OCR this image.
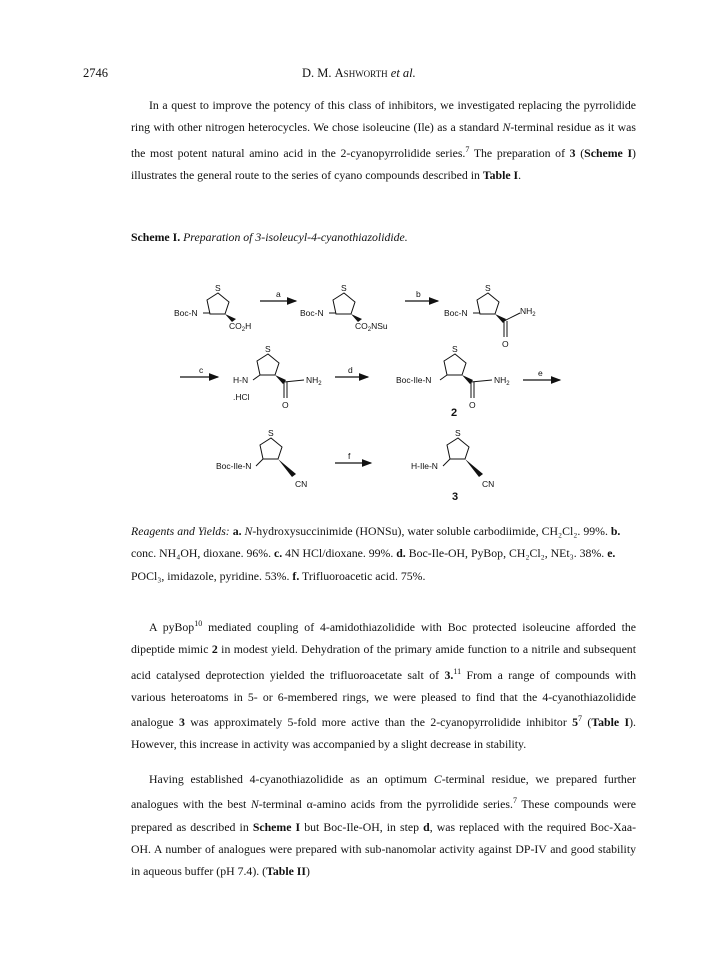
2746	D. M. Ashworth et al.
In a quest to improve the potency of this class of inhibitors, we investigated replacing the pyrrolidide ring with other nitrogen heterocycles. We chose isoleucine (Ile) as a standard N-terminal residue as it was the most potent natural amino acid in the 2-cyanopyrrolidide series.$^7$ The preparation of 3 (Scheme I) illustrates the general route to the series of cyano compounds described in Table I.
Scheme I. Preparation of 3-isoleucyl-4-cyanothiazolidide.
a	b
c	d	e
f
S
Boc-N
$CO_2H$
S
Boc-N
$CO_2NSu$
S
Boc-N	$NH_2$
O
S
H-N
.HCl
$NH_2$
O
S
Boc-Ile-N	$NH_2$
O
S
Boc-Ile-N
CN
S
H-Ile-N
CN
2
3
Reagents and Yields: a. N-hydroxysuccinimide (HONSu), water soluble carbodiimide, CH₂Cl₂. 99%. b. conc. NH₄OH, dioxane. 96%. c. 4N HCl/dioxane. 99%. d. Boc-Ile-OH, PyBop, CH₂Cl₂, NEt₃. 38%. e. POCl₃, imidazole, pyridine. 53%. f. Trifluoroacetic acid. 75%.
A pyBop$^{10}$ mediated coupling of 4-amidothiazolidide with Boc protected isoleucine afforded the dipeptide mimic 2 in modest yield. Dehydration of the primary amide function to a nitrile and subsequent acid catalysed deprotection yielded the trifluoroacetate salt of 3.11 From a range of compounds with various heteroatoms in 5- or 6-membered rings, we were pleased to find that the 4-cyanothiazolidide analogue 3 was approximately 5-fold more active than the 2-cyanopyrrolidide inhibitor $5^7$ (Table I). However, this increase in activity was accompanied by a slight decrease in stability.
Having established 4-cyanothiazolidide as an optimum C-terminal residue, we prepared further analogues with the best N-terminal α-amino acids from the pyrrolidide series.$^7$ These compounds were prepared as described in Scheme I but Boc-Ile-OH, in step d, was replaced with the required Boc-Xaa-OH. A number of analogues were prepared with sub-nanomolar activity against DP-IV and good stability in aqueous buffer (pH 7.4). (Table II)
